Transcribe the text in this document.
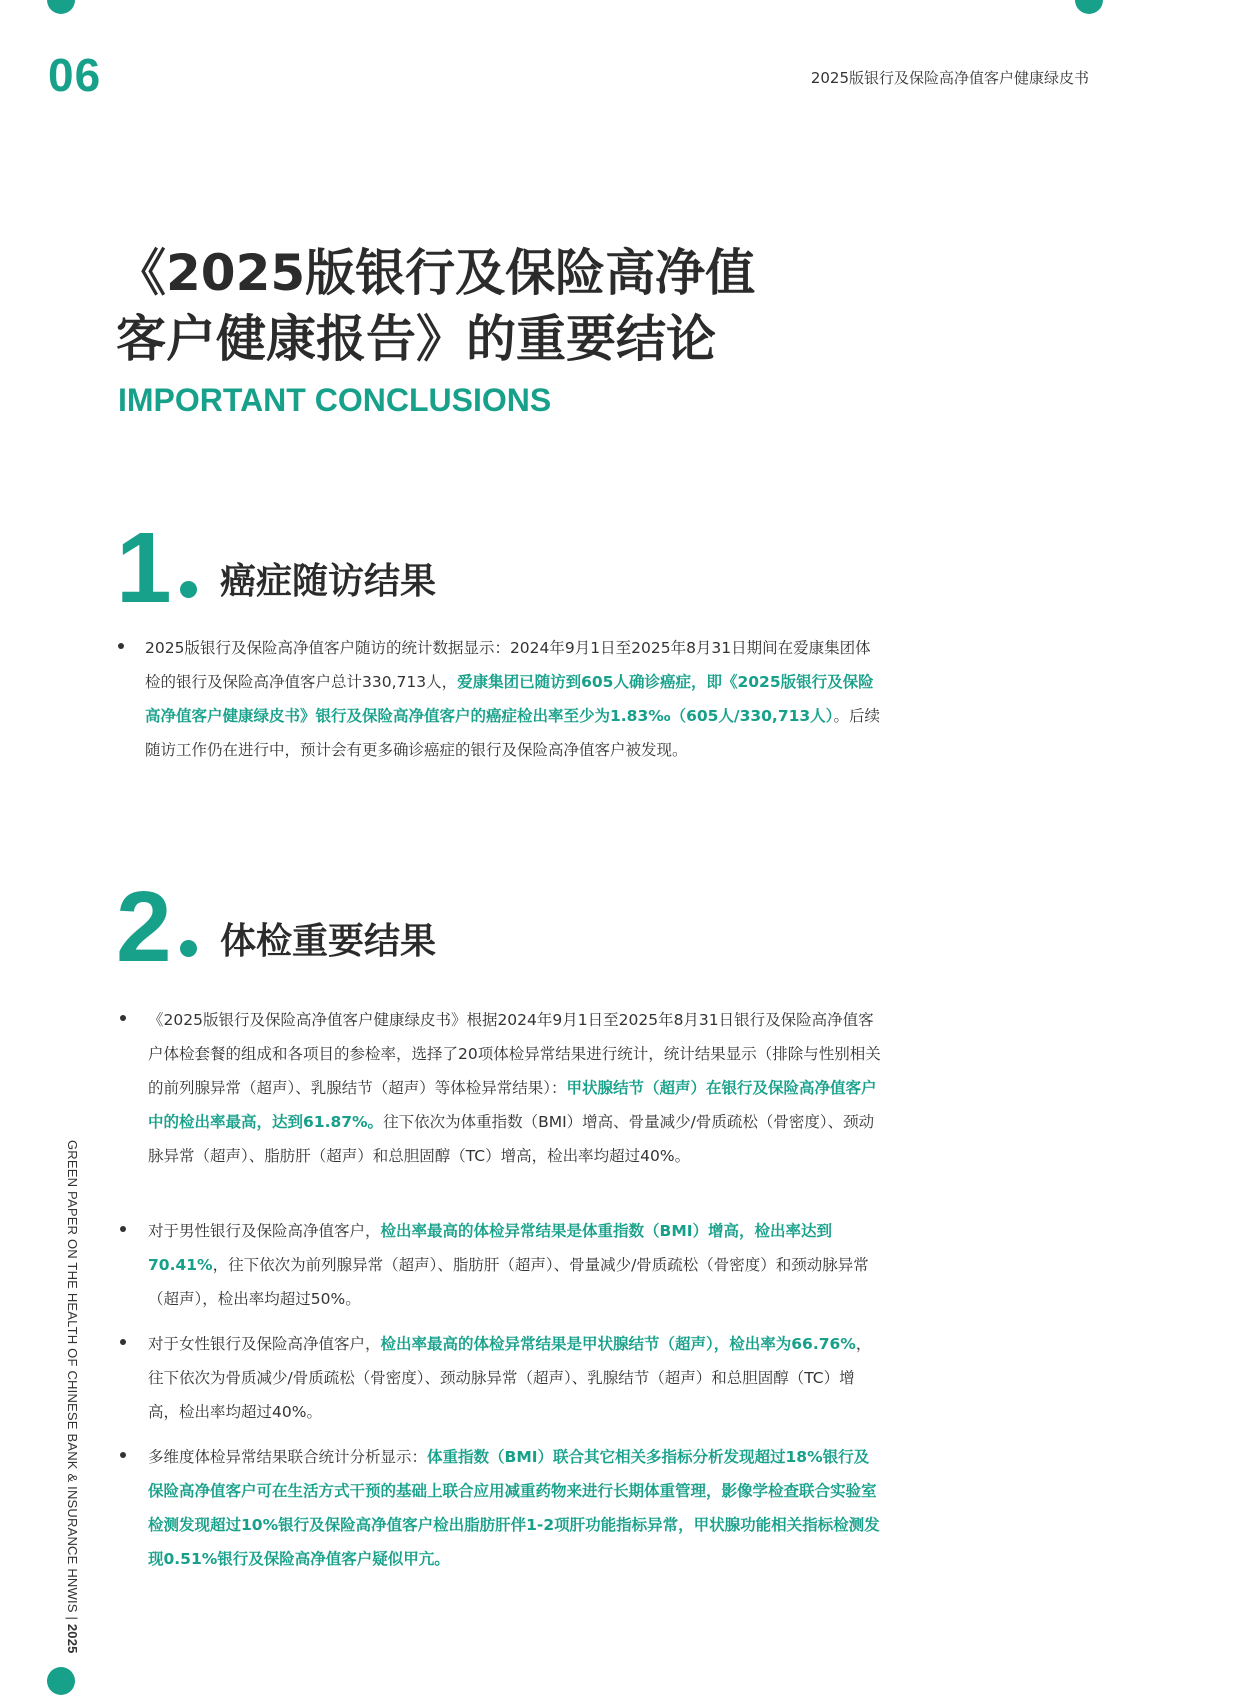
06	2025版银行及保险高净值客户健康绿皮书
《2025版银行及保险高净值
客户健康报告》的重要结论
IMPORTANT CONCLUSIONS
1 癌症随访结果
2025版银行及保险高净值客户随访的统计数据显示：2024年9月1日至2025年8月31日期间在爱康集团体检的银行及保险高净值客户总计330,713人，爱康集团已随访到605人确诊癌症，即《2025版银行及保险高净值客户健康绿皮书》银行及保险高净值客户的癌症检出率至少为1.83‰（605人/330,713人）。后续随访工作仍在进行中，预计会有更多确诊癌症的银行及保险高净值客户被发现。
2 体检重要结果
《2025版银行及保险高净值客户健康绿皮书》根据2024年9月1日至2025年8月31日银行及保险高净值客户体检套餐的组成和各项目的参检率，选择了20项体检异常结果进行统计，统计结果显示（排除与性别相关的前列腺异常（超声）、乳腺结节（超声）等体检异常结果）：甲状腺结节（超声）在银行及保险高净值客户中的检出率最高，达到61.87%。往下依次为体重指数（BMI）增高、骨量减少/骨质疏松（骨密度）、颈动脉异常（超声）、脂肪肝（超声）和总胆固醇（TC）增高，检出率均超过40%。
对于男性银行及保险高净值客户，检出率最高的体检异常结果是体重指数（BMI）增高，检出率达到70.41%，往下依次为前列腺异常（超声）、脂肪肝（超声）、骨量减少/骨质疏松（骨密度）和颈动脉异常（超声），检出率均超过50%。
对于女性银行及保险高净值客户，检出率最高的体检异常结果是甲状腺结节（超声），检出率为66.76%，往下依次为骨质减少/骨质疏松（骨密度）、颈动脉异常（超声）、乳腺结节（超声）和总胆固醇（TC）增高，检出率均超过40%。
多维度体检异常结果联合统计分析显示：体重指数（BMI）联合其它相关多指标分析发现超过18%银行及保险高净值客户可在生活方式干预的基础上联合应用减重药物来进行长期体重管理，影像学检查联合实验室检测发现超过10%银行及保险高净值客户检出脂肪肝伴1-2项肝功能指标异常，甲状腺功能相关指标检测发现0.51%银行及保险高净值客户疑似甲亢。
GREEN PAPER ON THE HEALTH OF CHINESE BANK & INSURANCE HNWIS | 2025
